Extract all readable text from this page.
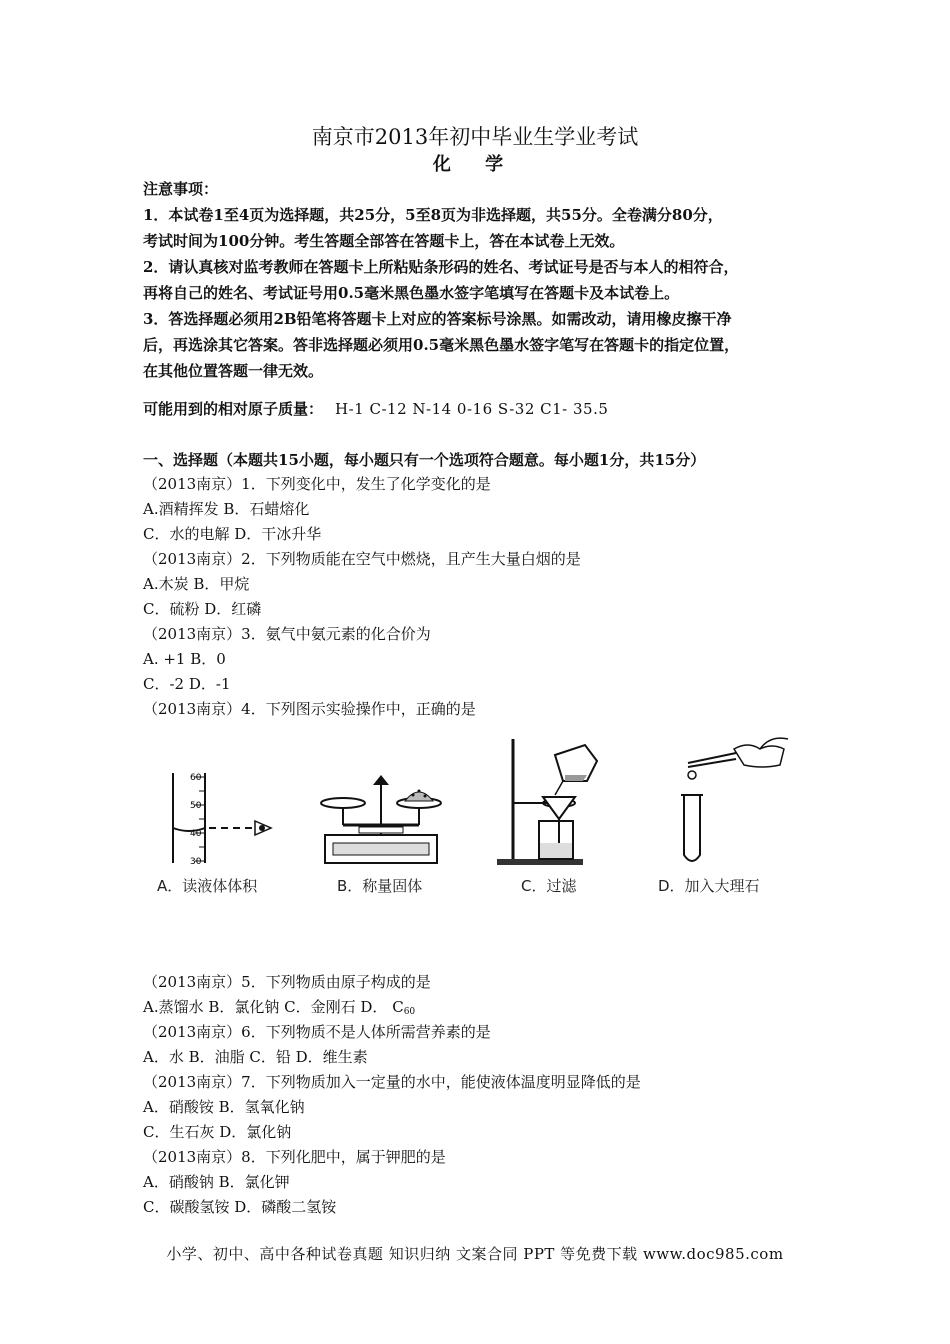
南京市2013年初中毕业生学业考试
化 学
注意事项：
1．本试卷1至4页为选择题，共25分，5至8页为非选择题，共55分。全卷满分80分，
考试时间为100分钟。考生答题全部答在答题卡上，答在本试卷上无效。
2．请认真核对监考教师在答题卡上所粘贴条形码的姓名、考试证号是否与本人的相符合，
再将自己的姓名、考试证号用0.5毫米黑色墨水签字笔填写在答题卡及本试卷上。
3．答选择题必须用2B铅笔将答题卡上对应的答案标号涂黑。如需改动，请用橡皮擦干净
后，再选涂其它答案。答非选择题必须用0.5毫米黑色墨水签字笔写在答题卡的指定位置，
在其他位置答题一律无效。
可能用到的相对原子质量： H-1 C-12 N-14 0-16 S-32 C1- 35.5
一、选择题（本题共15小题，每小题只有一个选项符合题意。每小题1分，共15分）
（2013南京）1．下列变化中，发生了化学变化的是
A.酒精挥发 B．石蜡熔化
C．水的电解 D．干冰升华
（2013南京）2．下列物质能在空气中燃烧，且产生大量白烟的是
A.木炭 B．甲烷
C．硫粉 D．红磷
（2013南京）3．氨气中氨元素的化合价为
A. +1 B．0
C．-2 D．-1
（2013南京）4．下列图示实验操作中，正确的是
60
50
40
30
A．读液体体积	B．称量固体	C．过滤	D．加入大理石
（2013南京）5．下列物质由原子构成的是
A.蒸馏水 B．氯化钠 C．金刚石 D． $C_{60}$
（2013南京）6．下列物质不是人体所需营养素的是
A．水 B．油脂 C．铅 D．维生素
（2013南京）7．下列物质加入一定量的水中，能使液体温度明显降低的是
A．硝酸铵 B．氢氧化钠
C．生石灰 D．氯化钠
（2013南京）8．下列化肥中，属于钾肥的是
A．硝酸钠 B．氯化钾
C．碳酸氢铵 D．磷酸二氢铵
小学、初中、高中各种试卷真题 知识归纳 文案合同 PPT 等免费下载 www.doc985.com
